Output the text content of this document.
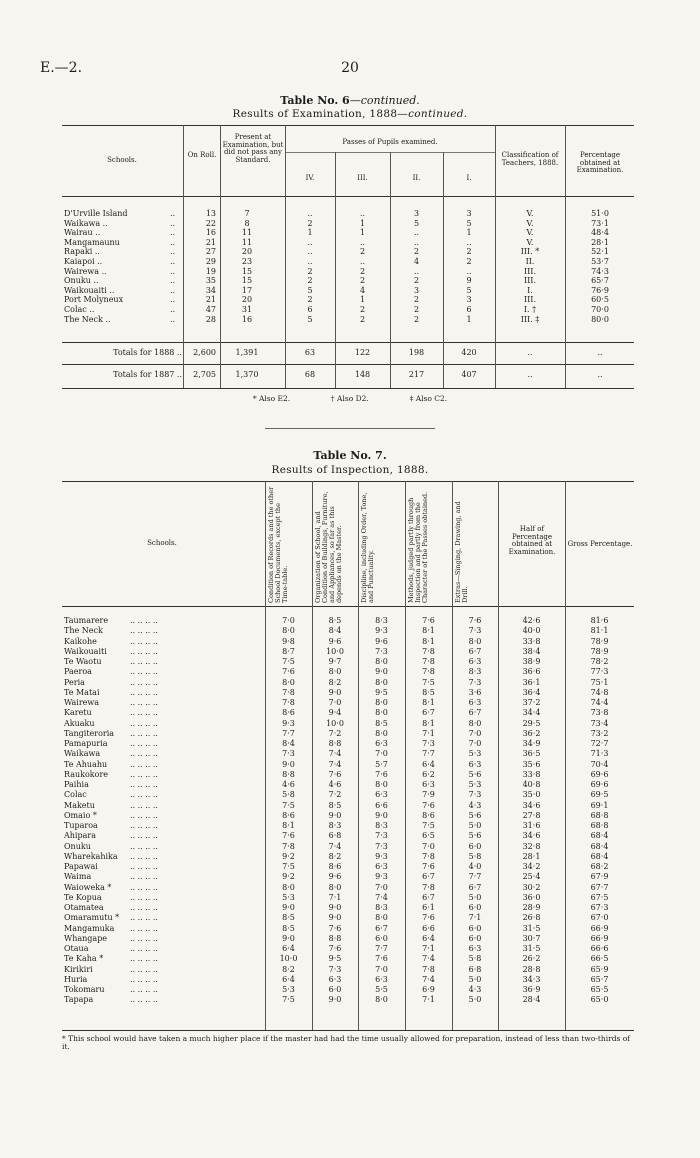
E.—2.	20
Table No. 6—continued.
Results of Examination, 1888—continued.
Schools.
On Roll.
Present at Examination, but did not pass any Standard.
Passes of Pupils examined.
IV.	III.	II.	I.
Classification of Teachers, 1888.
Percentage obtained at Examination.
D'Urville Island	..	13	7	..	..	3	3	V.	51·0
Waikawa ..	..	22	8	2	1	5	5	V.	73·1
Wairau ..	..	16	11	1	1	..	1	V.	48·4
Mangamaunu	..	21	11	..	..	..	..	V.	28·1
Rapaki ..	..	27	20	..	2	2	2	III. *	52·1
Kaiapoi ..	..	29	23	..	..	4	2	II.	53·7
Wairewa ..	..	19	15	2	2	..	..	III.	74·3
Onuku ..	..	35	15	2	2	2	9	III.	65·7
Waikouaiti ..	..	34	17	5	4	3	5	I.	76·9
Port Molyneux	..	21	20	2	1	2	3	III.	60·5
Colac ..	..	47	31	6	2	2	6	I. †	70·0
The Neck ..	..	28	16	5	2	2	1	III. ‡	80·0
Totals for 1888 ..	2,600	1,391	63	122	198	420	..	..
Totals for 1887 ..	2,705	1,370	68	148	217	407	..	..
* Also E2.	† Also D2.	‡ Also C2.
Table No. 7.
Results of Inspection, 1888.
Schools.	Condition of Records and the other School Documents, except the Time-table.	Organization of School, and Condition of Buildings, Furniture, and Appliances, so far as this depends on the Master.	Discipline, including Order, Tone, and Punctuality.	Methods, judged partly through Inspection and partly from the Character of the Passes obtained.	Extras—Singing, Drawing, and Drill.
Half of Percentage obtained at Examination.
Gross Percentage.
Taumarere	.. .. .. ..	7·0	8·5	8·3	7·6	7·6	42·6	81·6
The Neck	.. .. .. ..	8·0	8·4	9·3	8·1	7·3	40·0	81·1
Kaikohe	.. .. .. ..	9·8	9·6	9·6	8·1	8·0	33·8	78·9
Waikouaiti	.. .. .. ..	8·7	10·0	7·3	7·8	6·7	38·4	78·9
Te Waotu	.. .. .. ..	7·5	9·7	8·0	7·8	6·3	38·9	78·2
Paeroa	.. .. .. ..	7·6	8·0	9·0	7·8	8·3	36·6	77·3
Peria	.. .. .. ..	8·0	8·2	8·0	7·5	7·3	36·1	75·1
Te Matai	.. .. .. ..	7·8	9·0	9·5	8·5	3·6	36·4	74·8
Wairewa	.. .. .. ..	7·8	7·0	8·0	8·1	6·3	37·2	74·4
Karetu	.. .. .. ..	8·6	9·4	8·0	6·7	6·7	34·4	73·8
Akuaku	.. .. .. ..	9·3	10·0	8·5	8·1	8·0	29·5	73·4
Tangiteroria .. .. .. ..	7·7	7·2	8·0	7·1	7·0	36·2	73·2
Pamapuria	.. .. .. ..	8·4	8·8	6·3	7·3	7·0	34·9	72·7
Waikawa	.. .. .. ..	7·3	7·4	7·0	7·7	5·3	36·5	71·3
Te Ahuahu	.. .. .. ..	9·0	7·4	5·7	6·4	6·3	35·6	70·4
Raukokore	.. .. .. ..	8·8	7·6	7·6	6·2	5·6	33·8	69·6
Paihia	.. .. .. ..	4·6	4·6	8·0	6·3	5·3	40·8	69·6
Colac	.. .. .. ..	5·8	7·2	6·3	7·9	7·3	35·0	69·5
Maketu	.. .. .. ..	7·5	8·5	6·6	7·6	4·3	34·6	69·1
Omaio *	.. .. .. ..	8·6	9·0	9·0	8·6	5·6	27·8	68·8
Tuparoa	.. .. .. ..	8·1	8·3	8·3	7·5	5·0	31·6	68·8
Ahipara	.. .. .. ..	7·6	6·8	7·3	6·5	5·6	34·6	68·4
Onuku	.. .. .. ..	7·8	7·4	7·3	7·0	6·0	32·8	68·4
Wharekahika .. .. .. ..	9·2	8·2	9·3	7·8	5·8	28·1	68·4
Papawai	.. .. .. ..	7·5	8·6	6·3	7·6	4·0	34·2	68·2
Waima	.. .. .. ..	9·2	9·6	9·3	6·7	7·7	25·4	67·9
Waioweka * .. .. .. ..	8·0	8·0	7·0	7·8	6·7	30·2	67·7
Te Kopua	.. .. .. ..	5·3	7·1	7·4	6·7	5·0	36·0	67·5
Otamatea	.. .. .. ..	9·0	9·0	8·3	6·1	6·0	28·9	67·3
Omaramutu * .. .. .. ..	8·5	9·0	8·0	7·6	7·1	26·8	67·0
Mangamuka .. .. .. ..	8·5	7·6	6·7	6·6	6·0	31·5	66·9
Whangape	.. .. .. ..	9·0	8·8	6·0	6·4	6·0	30·7	66·9
Otaua	.. .. .. ..	6·4	7·6	7·7	7·1	6·3	31·5	66·6
Te Kaha *	.. .. .. ..	10·0	9·5	7·6	7·4	5·8	26·2	66·5
Kirikiri	.. .. .. ..	8·2	7·3	7·0	7·8	6·8	28·8	65·9
Huria	.. .. .. ..	6·4	6·3	6·3	7·4	5·0	34·3	65·7
Tokomaru	.. .. .. ..	5·3	6·0	5·5	6·9	4·3	36·9	65·5
Tapapa	.. .. .. ..	7·5	9·0	8·0	7·1	5·0	28·4	65·0
* This school would have taken a much higher place if the master had had the time usually allowed for preparation, instead of less than two-thirds of it.
